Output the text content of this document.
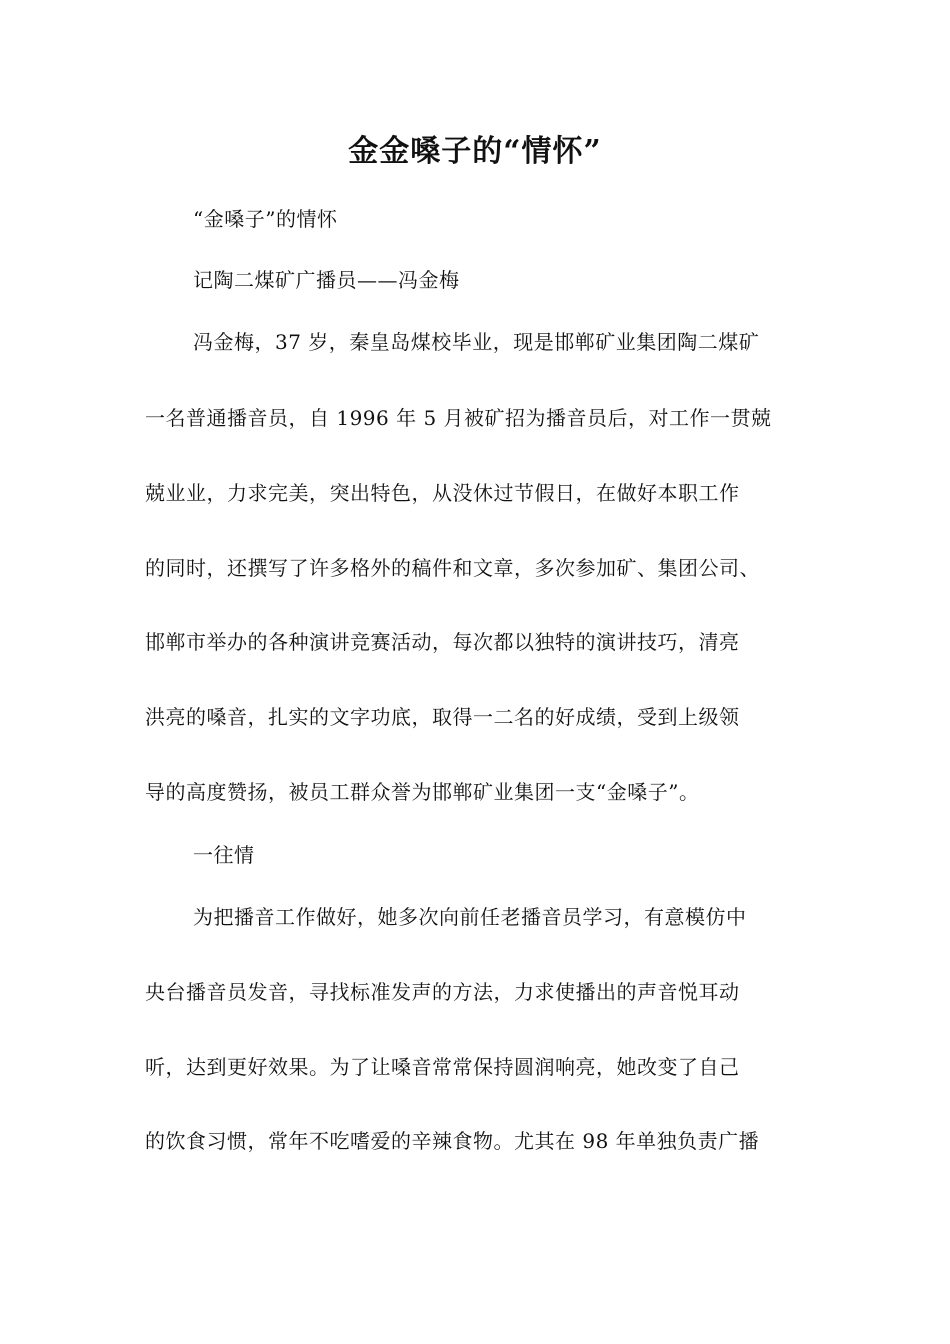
金金嗓子的“情怀”
“金嗓子”的情怀
记陶二煤矿广播员——冯金梅
冯金梅，37 岁，秦皇岛煤校毕业，现是邯郸矿业集团陶二煤矿
一名普通播音员，自 1996 年 5 月被矿招为播音员后，对工作一贯兢
兢业业，力求完美，突出特色，从没休过节假日，在做好本职工作
的同时，还撰写了许多格外的稿件和文章，多次参加矿、集团公司、
邯郸市举办的各种演讲竞赛活动，每次都以独特的演讲技巧，清亮
洪亮的嗓音，扎实的文字功底，取得一二名的好成绩，受到上级领
导的高度赞扬，被员工群众誉为邯郸矿业集团一支“金嗓子”。
一往情
为把播音工作做好，她多次向前任老播音员学习，有意模仿中
央台播音员发音，寻找标准发声的方法，力求使播出的声音悦耳动
听，达到更好效果。为了让嗓音常常保持圆润响亮，她改变了自己
的饮食习惯，常年不吃嗜爱的辛辣食物。尤其在 98 年单独负责广播
